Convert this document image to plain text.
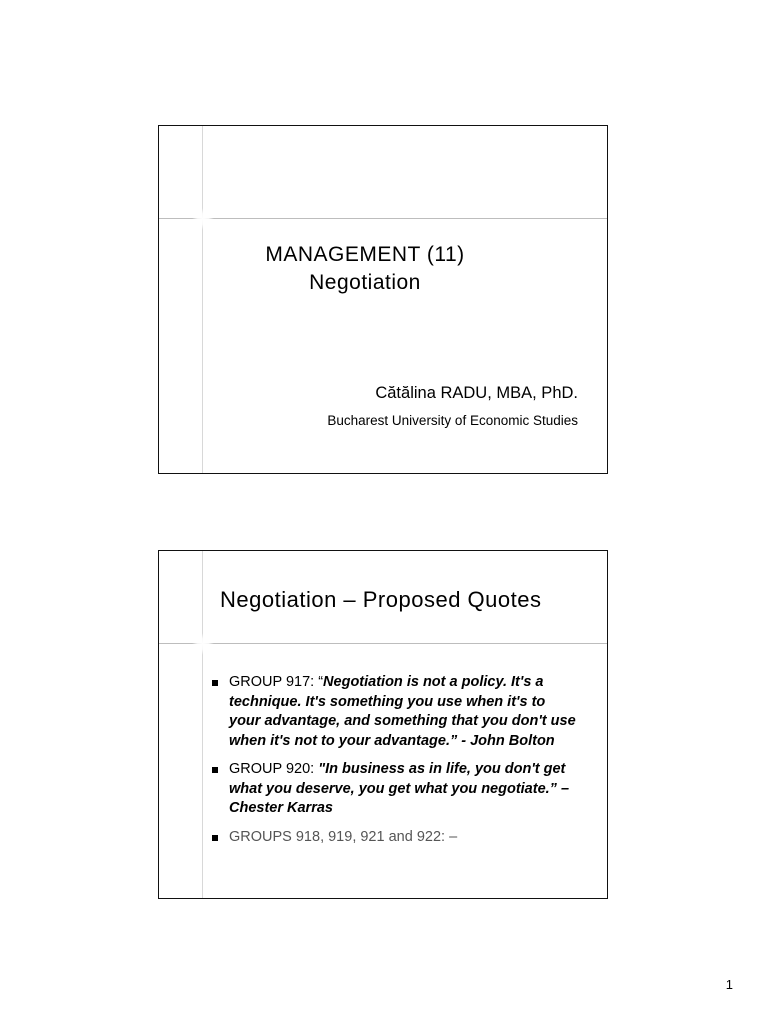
MANAGEMENT (11)
Negotiation
Cătălina RADU, MBA, PhD.
Bucharest University of Economic Studies
Negotiation – Proposed Quotes
GROUP 917: “Negotiation is not a policy. It's a
technique. It's something you use when it's to
your advantage, and something that you don't use
when it's not to your advantage.” - John Bolton
GROUP 920: "In business as in life, you don't get
what you deserve, you get what you negotiate.” –
Chester Karras
GROUPS 918, 919, 921 and 922: –
1
